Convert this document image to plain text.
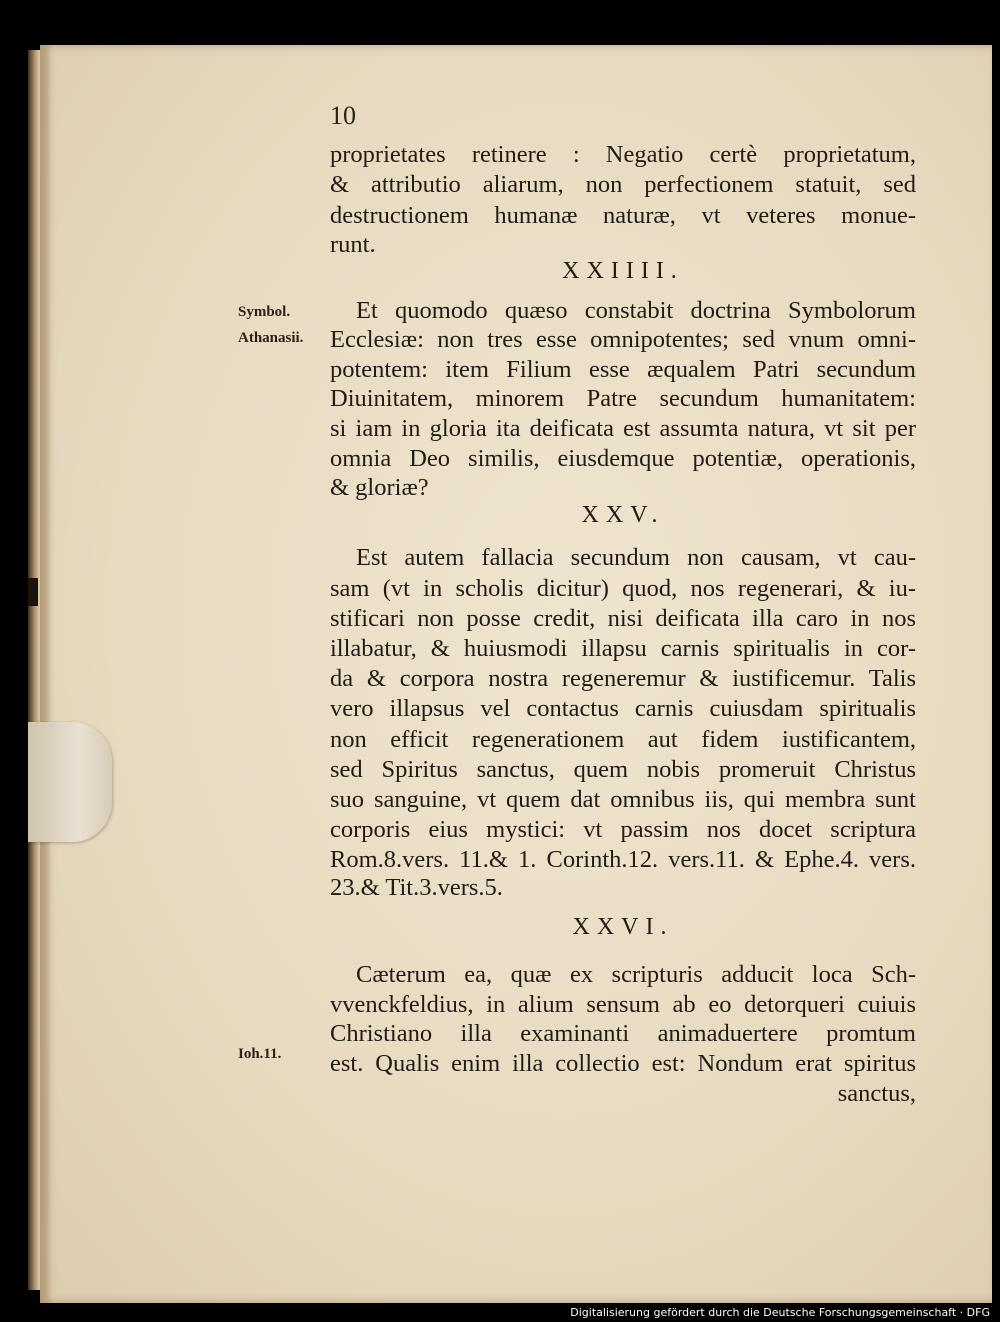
10
proprietates retinere : Negatio certè proprietatum,
& attributio aliarum, non perfectionem statuit, sed
destructionem humanæ naturæ, vt veteres monue-
runt.
XXIIII.
Symbol.
Athanasii.
Et quomodo quæso constabit doctrina Symbolorum
Ecclesiæ: non tres esse omnipotentes; sed vnum omni-
potentem: item Filium esse æqualem Patri secundum
Diuinitatem, minorem Patre secundum humanitatem:
si iam in gloria ita deificata est assumta natura, vt sit per
omnia Deo similis, eiusdemque potentiæ, operationis,
& gloriæ?
XXV.
Est autem fallacia secundum non causam, vt cau-
sam (vt in scholis dicitur) quod, nos regenerari, & iu-
stificari non posse credit, nisi deificata illa caro in nos
illabatur, & huiusmodi illapsu carnis spiritualis in cor-
da & corpora nostra regeneremur & iustificemur. Talis
vero illapsus vel contactus carnis cuiusdam spiritualis
non efficit regenerationem aut fidem iustificantem,
sed Spiritus sanctus, quem nobis promeruit Christus
suo sanguine, vt quem dat omnibus iis, qui membra sunt
corporis eius mystici: vt passim nos docet scriptura
Rom.8.vers. 11.& 1. Corinth.12. vers.11. & Ephe.4. vers.
23.& Tit.3.vers.5.
XXVI.
Cæterum ea, quæ ex scripturis adducit loca Sch-
vvenckfeldius, in alium sensum ab eo detorqueri cuiuis
Christiano illa examinanti animaduertere promtum
Ioh.11. est. Qualis enim illa collectio est: Nondum erat spiritus
sanctus,
Digitalisierung gefördert durch die Deutsche Forschungsgemeinschaft · DFG
